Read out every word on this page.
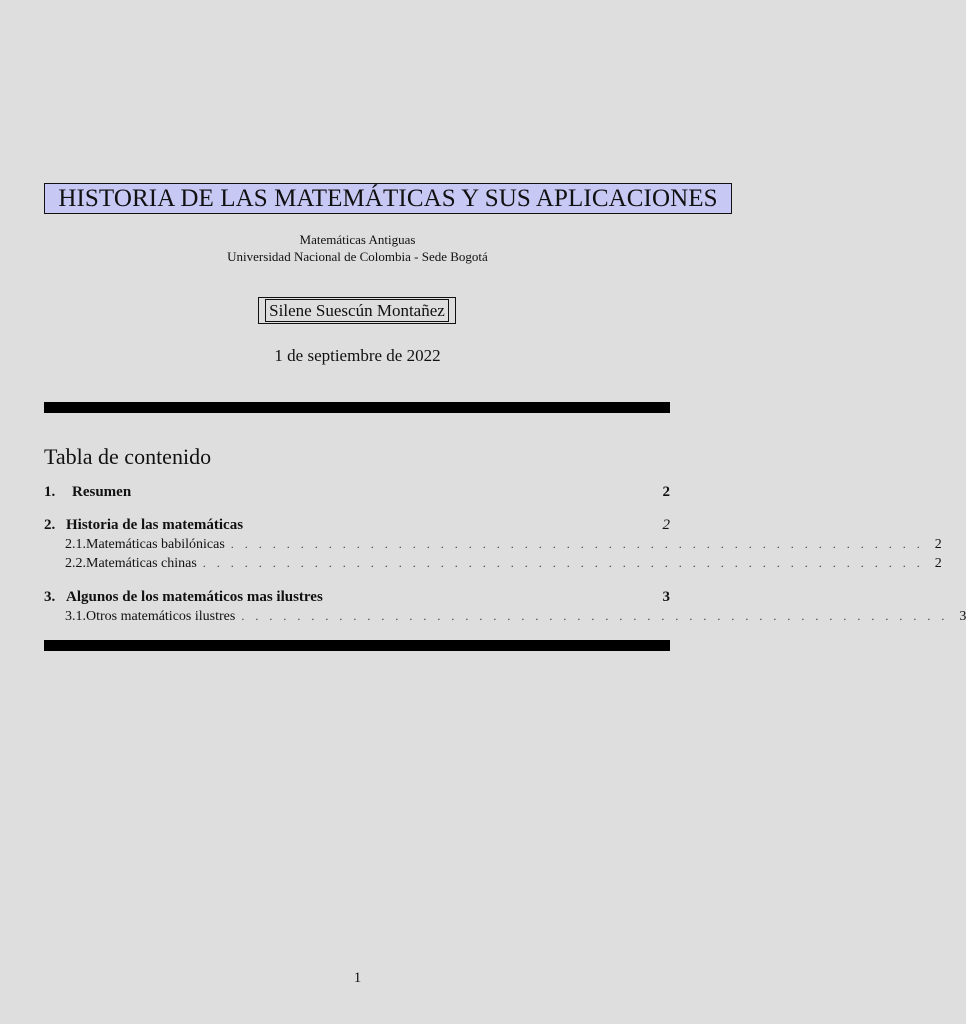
HISTORIA DE LAS MATEMÁTICAS Y SUS APLICACIONES
Matemáticas Antiguas
Universidad Nacional de Colombia - Sede Bogotá
Silene Suescún Montañez
1 de septiembre de 2022
Tabla de contenido
1.	Resumen	2
2. Historia de las matemáticas	2
2.1. Matemáticas babilónicas . . . . . . . . . . . . . . . . . . . . . . . . . . . . . . . . . . . . . . . . . . . . . . . . . . 2
2.2. Matemáticas chinas . . . . . . . . . . . . . . . . . . . . . . . . . . . . . . . . . . . . . . . . . . . . . . . . . . . . 2
3. Algunos de los matemáticos mas ilustres	3
3.1. Otros matemáticos ilustres . . . . . . . . . . . . . . . . . . . . . . . . . . . . . . . . . . . . . . . . . . . . . . . . . . . 3
1
